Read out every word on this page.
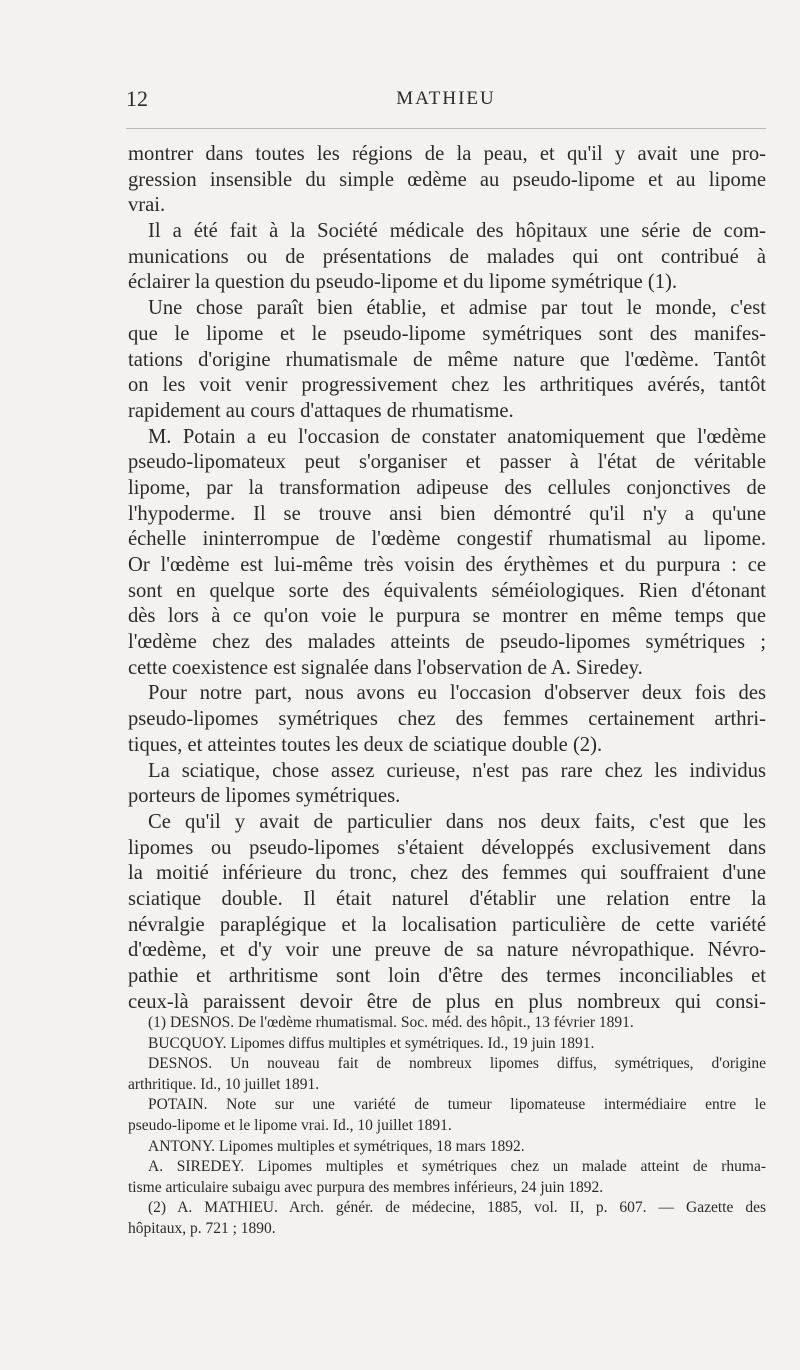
12	MATHIEU
montrer dans toutes les régions de la peau, et qu'il y avait une pro-
gression insensible du simple œdème au pseudo-lipome et au lipome
vrai.
Il a été fait à la Société médicale des hôpitaux une série de com-
munications ou de présentations de malades qui ont contribué à
éclairer la question du pseudo-lipome et du lipome symétrique (1).
Une chose paraît bien établie, et admise par tout le monde, c'est
que le lipome et le pseudo-lipome symétriques sont des manifes-
tations d'origine rhumatismale de même nature que l'œdème. Tantôt
on les voit venir progressivement chez les arthritiques avérés, tantôt
rapidement au cours d'attaques de rhumatisme.
M. Potain a eu l'occasion de constater anatomiquement que l'œdème
pseudo-lipomateux peut s'organiser et passer à l'état de véritable
lipome, par la transformation adipeuse des cellules conjonctives de
l'hypoderme. Il se trouve ansi bien démontré qu'il n'y a qu'une
échelle ininterrompue de l'œdème congestif rhumatismal au lipome.
Or l'œdème est lui-même très voisin des érythèmes et du purpura : ce
sont en quelque sorte des équivalents séméiologiques. Rien d'étonant
dès lors à ce qu'on voie le purpura se montrer en même temps que
l'œdème chez des malades atteints de pseudo-lipomes symétriques ;
cette coexistence est signalée dans l'observation de A. Siredey.
Pour notre part, nous avons eu l'occasion d'observer deux fois des
pseudo-lipomes symétriques chez des femmes certainement arthri-
tiques, et atteintes toutes les deux de sciatique double (2).
La sciatique, chose assez curieuse, n'est pas rare chez les individus
porteurs de lipomes symétriques.
Ce qu'il y avait de particulier dans nos deux faits, c'est que les
lipomes ou pseudo-lipomes s'étaient développés exclusivement dans
la moitié inférieure du tronc, chez des femmes qui souffraient d'une
sciatique double. Il était naturel d'établir une relation entre la
névralgie paraplégique et la localisation particulière de cette variété
d'œdème, et d'y voir une preuve de sa nature névropathique. Névro-
pathie et arthritisme sont loin d'être des termes inconciliables et
ceux-là paraissent devoir être de plus en plus nombreux qui consi-
(1) DESNOS. De l'œdème rhumatismal. Soc. méd. des hôpit., 13 février 1891.
BUCQUOY. Lipomes diffus multiples et symétriques. Id., 19 juin 1891.
DESNOS. Un nouveau fait de nombreux lipomes diffus, symétriques, d'origine
arthritique. Id., 10 juillet 1891.
POTAIN. Note sur une variété de tumeur lipomateuse intermédiaire entre le
pseudo-lipome et le lipome vrai. Id., 10 juillet 1891.
ANTONY. Lipomes multiples et symétriques, 18 mars 1892.
A. SIREDEY. Lipomes multiples et symétriques chez un malade atteint de rhuma-
tisme articulaire subaigu avec purpura des membres inférieurs, 24 juin 1892.
(2) A. MATHIEU. Arch. génér. de médecine, 1885, vol. II, p. 607. — Gazette des
hôpitaux, p. 721 ; 1890.
